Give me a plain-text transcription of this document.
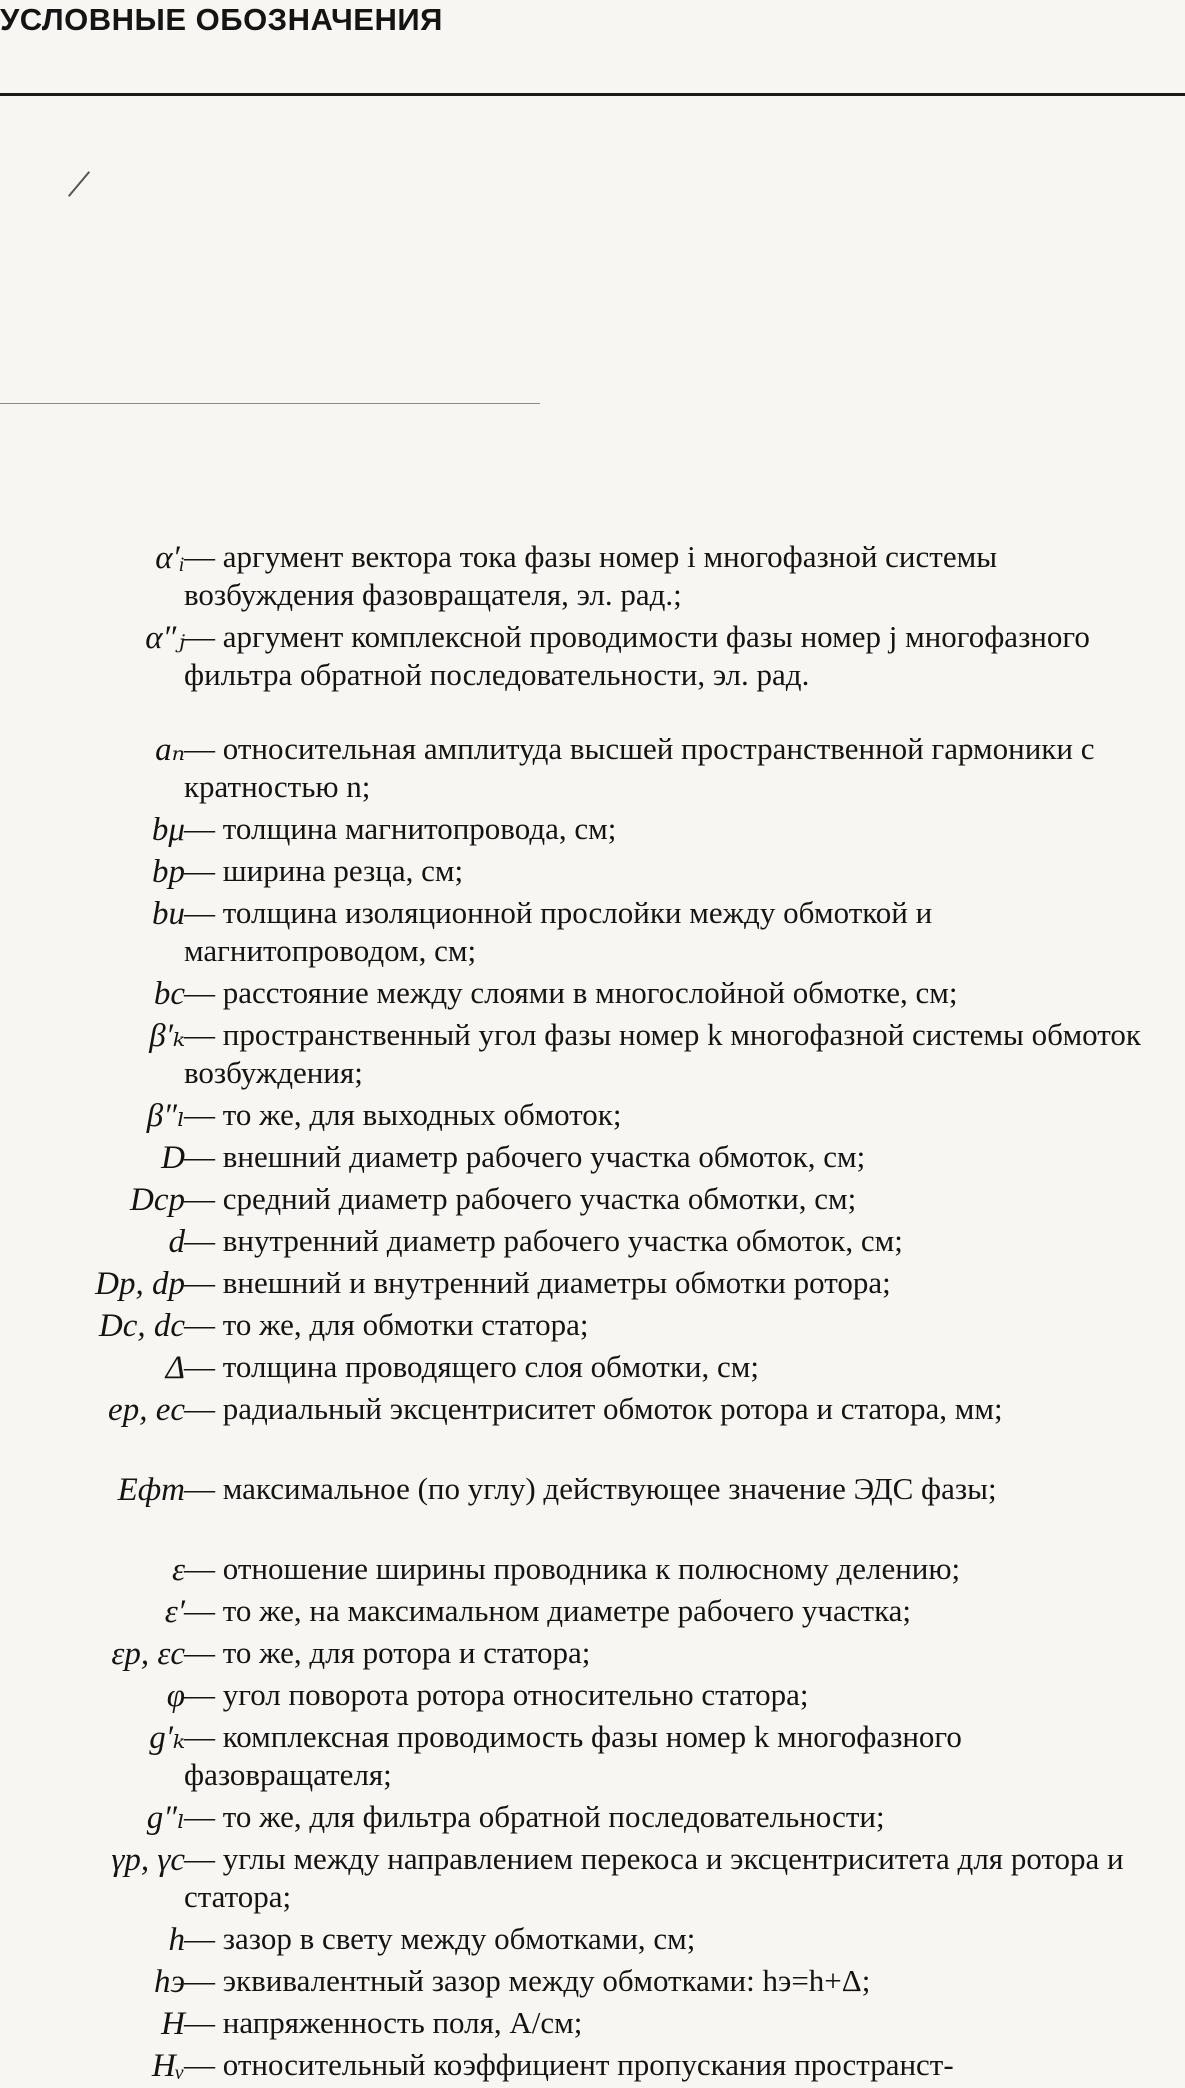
УСЛОВНЫЕ ОБОЗНАЧЕНИЯ
α′ᵢ — аргумент вектора тока фазы номер i многофазной системы возбуждения фазовращателя, эл. рад.;
α″ⱼ — аргумент комплексной проводимости фазы номер j многофазного фильтра обратной последовательности, эл. рад.
aₙ — относительная амплитуда высшей пространственной гармоники с кратностью n;
bμ — толщина магнитопровода, см;
bр — ширина резца, см;
bи — толщина изоляционной прослойки между обмоткой и магнитопроводом, см;
bс — расстояние между слоями в многослойной обмотке, см;
β′ₖ — пространственный угол фазы номер k многофазной системы обмоток возбуждения;
β″ₗ — то же, для выходных обмоток;
D — внешний диаметр рабочего участка обмоток, см;
Dср — средний диаметр рабочего участка обмотки, см;
d — внутренний диаметр рабочего участка обмоток, см;
Dр, dр — внешний и внутренний диаметры обмотки ротора;
Dс, dс — то же, для обмотки статора;
Δ — толщина проводящего слоя обмотки, см;
eр, eс — радиальный эксцентриситет обмоток ротора и статора, мм;
Eфm — максимальное (по углу) действующее значение ЭДС фазы;
ε — отношение ширины проводника к полюсному делению;
ε′ — то же, на максимальном диаметре рабочего участка;
εр, εс — то же, для ротора и статора;
φ — угол поворота ротора относительно статора;
g′ₖ — комплексная проводимость фазы номер k многофазного фазовращателя;
g″ₗ — то же, для фильтра обратной последовательности;
γр, γс — углы между направлением перекоса и эксцентриситета для ротора и статора;
h — зазор в свету между обмотками, см;
hэ — эквивалентный зазор между обмотками: hэ=h+Δ;
H — напряженность поля, А/см;
Hᵥ — относительный коэффициент пропускания пространст-
